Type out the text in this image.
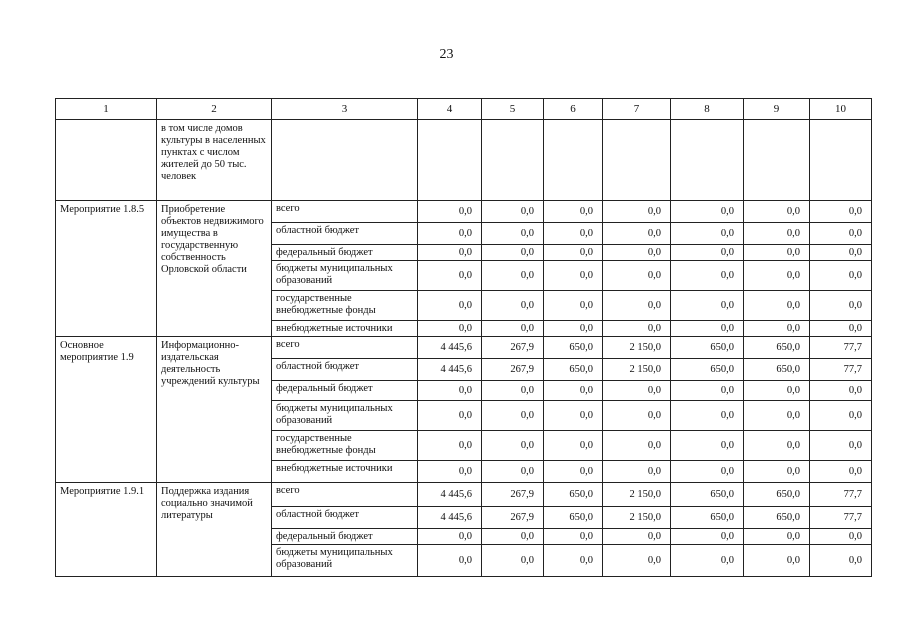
23
1	2	3	4	5	6	7	8	9	10
	в том числе домов культуры в населенных пунктах с числом жителей до 50 тыс. человек								
Мероприятие 1.8.5	Приобретение объектов недвижимого имущества в государственную собственность Орловской области	всего	0,0	0,0	0,0	0,0	0,0	0,0	0,0
		областной бюджет	0,0	0,0	0,0	0,0	0,0	0,0	0,0
		федеральный бюджет	0,0	0,0	0,0	0,0	0,0	0,0	0,0
		бюджеты муниципальных образований	0,0	0,0	0,0	0,0	0,0	0,0	0,0
		государственные внебюджетные фонды	0,0	0,0	0,0	0,0	0,0	0,0	0,0
		внебюджетные источники	0,0	0,0	0,0	0,0	0,0	0,0	0,0
Основное мероприятие 1.9	Информационно-издательская деятельность учреждений культуры	всего	4 445,6	267,9	650,0	2 150,0	650,0	650,0	77,7
		областной бюджет	4 445,6	267,9	650,0	2 150,0	650,0	650,0	77,7
		федеральный бюджет	0,0	0,0	0,0	0,0	0,0	0,0	0,0
		бюджеты муниципальных образований	0,0	0,0	0,0	0,0	0,0	0,0	0,0
		государственные внебюджетные фонды	0,0	0,0	0,0	0,0	0,0	0,0	0,0
		внебюджетные источники	0,0	0,0	0,0	0,0	0,0	0,0	0,0
Мероприятие 1.9.1	Поддержка издания социально значимой литературы	всего	4 445,6	267,9	650,0	2 150,0	650,0	650,0	77,7
		областной бюджет	4 445,6	267,9	650,0	2 150,0	650,0	650,0	77,7
		федеральный бюджет	0,0	0,0	0,0	0,0	0,0	0,0	0,0
		бюджеты муниципальных образований	0,0	0,0	0,0	0,0	0,0	0,0	0,0
